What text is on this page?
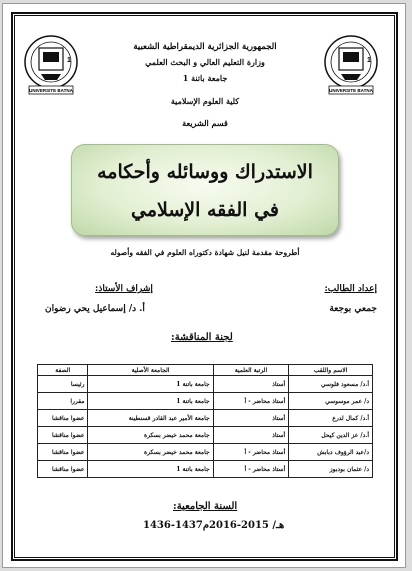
UNIVERSITE BATNA
1
UNIVERSITE BATNA
1
الجمهورية الجزائرية الديمقراطية الشعبية
وزارة التعليم العالي و البحث العلمي
جامعة باتنة 1
كلية العلوم الإسلامية
قسم الشريعة
الاستدراك ووسائله وأحكامه
في الفقه الإسلامي
أطروحة مقدمة لنيل شهادة دكتوراه العلوم في الفقه وأصوله
إعداد الطالب:
جمعي بوجعة
إشراف الأستاذ:
أ. د/ إسماعيل يحي رضوان
لجنة المناقشة:
الاسم واللقب	الرتبة العلمية	الجامعة الأصلية	الصفة
أ.د/ مسعود فلوسي	أستاذ	جامعة باتنة 1	رئيسا
د/ عمر موسوسي	أستاذ محاضر - أ	جامعة باتنة 1	مقررا
أ.د/ كمال لدرع	أستاذ	جامعة الأمير عبد القادر قسنطينة	عضوا مناقشا
أ.د/ عز الدين كيحل	أستاذ	جامعة محمد خيضر بسكرة	عضوا مناقشا
د/عبد الرؤوف دبابش	أستاذ محاضر - أ	جامعة محمد خيضر بسكرة	عضوا مناقشا
د/ عثمان بودبوز	أستاذ محاضر - أ	جامعة باتنة 1	عضوا مناقشا
السنة الجامعية:
1436-1437هـ/ 2015-2016م
